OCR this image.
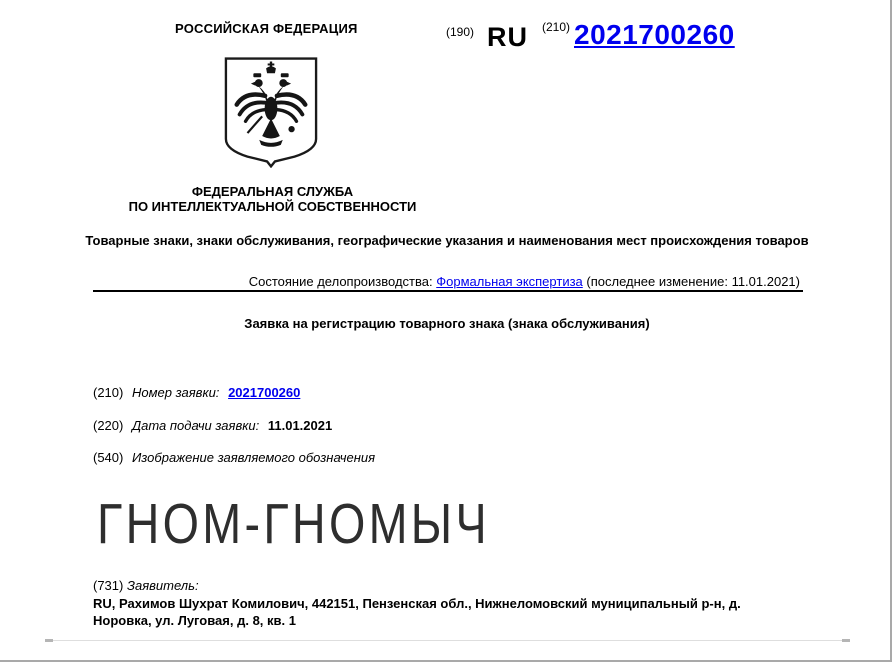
РОССИЙСКАЯ ФЕДЕРАЦИЯ	(190) RU (210) 2021700260
ФЕДЕРАЛЬНАЯ СЛУЖБА
ПО ИНТЕЛЛЕКТУАЛЬНОЙ СОБСТВЕННОСТИ
Товарные знаки, знаки обслуживания, географические указания и наименования мест происхождения товаров
Состояние делопроизводства: Формальная экспертиза (последнее изменение: 11.01.2021)
Заявка на регистрацию товарного знака (знака обслуживания)
(210) Номер заявки: 2021700260
(220) Дата подачи заявки: 11.01.2021
(540) Изображение заявляемого обозначения
ГНОМ-ГНОМЫЧ
(731) Заявитель:
RU, Рахимов Шухрат Комилович, 442151, Пензенская обл., Нижнеломовский муниципальный р-н, д. Норовка, ул. Луговая, д. 8, кв. 1
